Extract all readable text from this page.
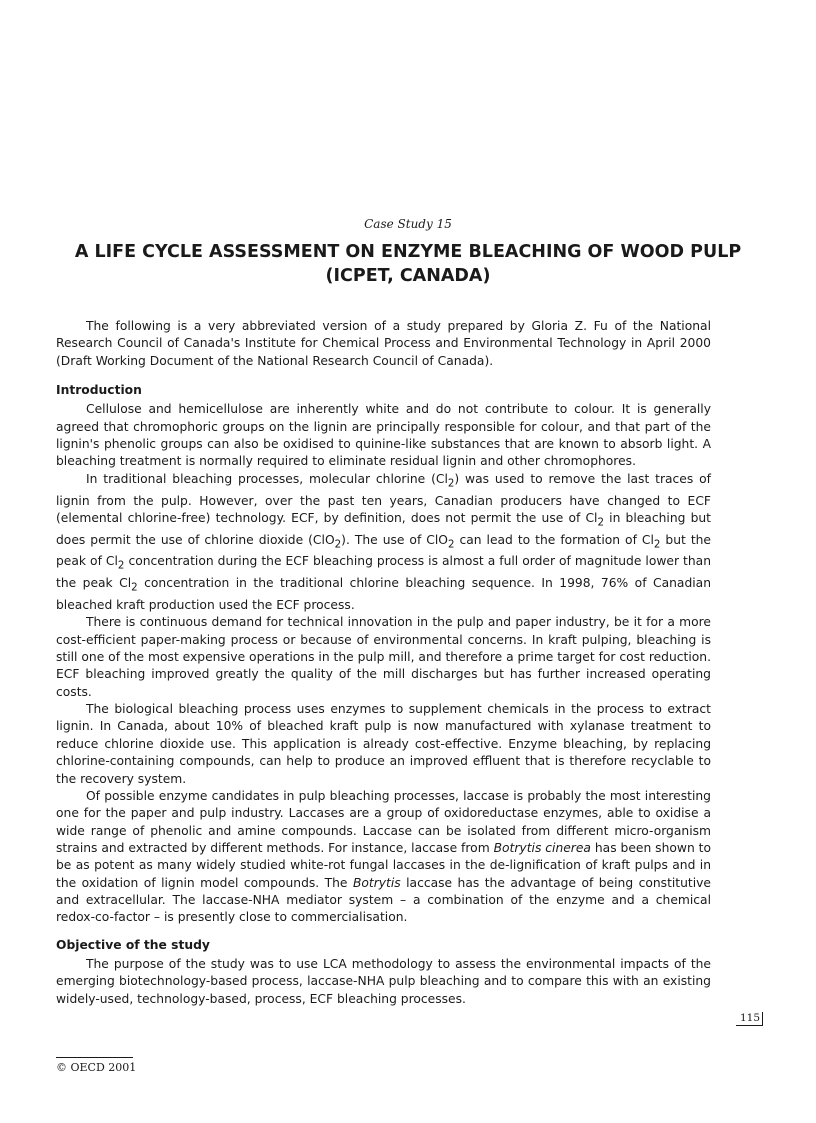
Case Study 15
A LIFE CYCLE ASSESSMENT ON ENZYME BLEACHING OF WOOD PULP
(ICPET, CANADA)

The following is a very abbreviated version of a study prepared by Gloria Z. Fu of the National Research Council of Canada's Institute for Chemical Process and Environmental Technology in April 2000 (Draft Working Document of the National Research Council of Canada).

Introduction

Cellulose and hemicellulose are inherently white and do not contribute to colour. It is generally agreed that chromophoric groups on the lignin are principally responsible for colour, and that part of the lignin's phenolic groups can also be oxidised to quinine-like substances that are known to absorb light. A bleaching treatment is normally required to eliminate residual lignin and other chromophores.

In traditional bleaching processes, molecular chlorine $(Cl_2)$ was used to remove the last traces of lignin from the pulp. However, over the past ten years, Canadian producers have changed to ECF (elemental chlorine-free) technology. ECF, by definition, does not permit the use of $Cl_2$ in bleaching but does permit the use of chlorine dioxide (ClO$_2$). The use of ClO$_2$ can lead to the formation of $Cl_2$ but the peak of $Cl_2$ concentration during the ECF bleaching process is almost a full order of magnitude lower than the peak $Cl_2$ concentration in the traditional chlorine bleaching sequence. In 1998, 76% of Canadian bleached kraft production used the ECF process.

There is continuous demand for technical innovation in the pulp and paper industry, be it for a more cost-efficient paper-making process or because of environmental concerns. In kraft pulping, bleaching is still one of the most expensive operations in the pulp mill, and therefore a prime target for cost reduction. ECF bleaching improved greatly the quality of the mill discharges but has further increased operating costs.

The biological bleaching process uses enzymes to supplement chemicals in the process to extract lignin. In Canada, about 10% of bleached kraft pulp is now manufactured with xylanase treatment to reduce chlorine dioxide use. This application is already cost-effective. Enzyme bleaching, by replacing chlorine-containing compounds, can help to produce an improved effluent that is therefore recyclable to the recovery system.

Of possible enzyme candidates in pulp bleaching processes, laccase is probably the most interesting one for the paper and pulp industry. Laccases are a group of oxidoreductase enzymes, able to oxidise a wide range of phenolic and amine compounds. Laccase can be isolated from different micro-organism strains and extracted by different methods. For instance, laccase from Botrytis cinerea has been shown to be as potent as many widely studied white-rot fungal laccases in the de-lignification of kraft pulps and in the oxidation of lignin model compounds. The Botrytis laccase has the advantage of being constitutive and extracellular. The laccase-NHA mediator system – a combination of the enzyme and a chemical redox-co-factor – is presently close to commercialisation.

Objective of the study

The purpose of the study was to use LCA methodology to assess the environmental impacts of the emerging biotechnology-based process, laccase-NHA pulp bleaching and to compare this with an existing widely-used, technology-based, process, ECF bleaching processes.

115
© OECD 2001
